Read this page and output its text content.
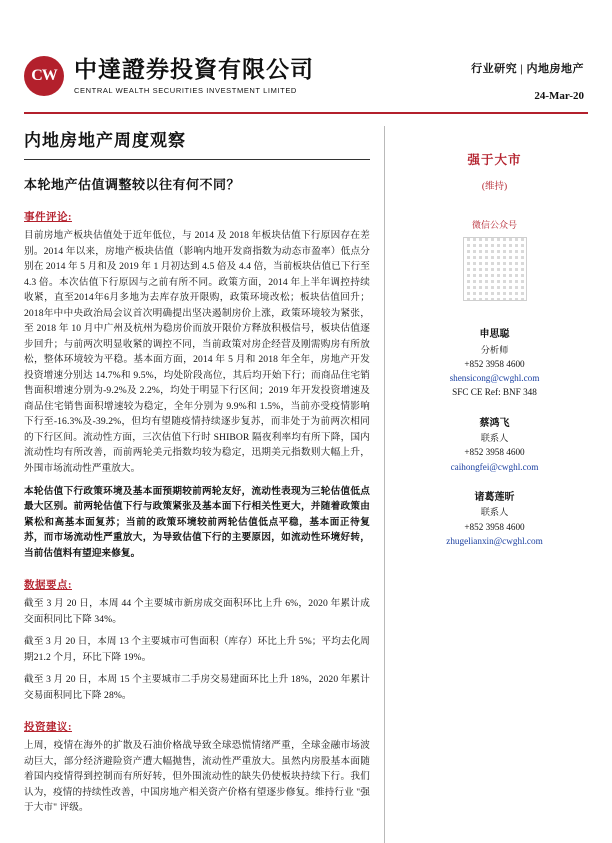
CW 中達證券投資有限公司
CENTRAL WEALTH SECURITIES INVESTMENT LIMITED
行业研究 | 内地房地产
24-Mar-20
内地房地产周度观察
本轮地产估值调整较以往有何不同？
事件评论:

目前房地产板块估值处于近年低位，与 2014 及 2018 年板块估值下行原因存在差别。2014 年以来，房地产板块估值（影响内地开发商指数为动态市盈率）低点分别在 2014 年 5 月和及 2019 年 1 月初达到 4.5 倍及 4.4 倍，当前板块估值已下行至 4.3 倍。本次估值下行原因与之前有所不同。政策方面，2014 年上半年调控持续收紧，直至2014年6月多地为去库存放开限购，政策环境改松；板块估值回升；2018年中中央政治局会议首次明确提出坚决遏制房价上涨，政策环境较为紧张，至 2018 年 10 月中广州及杭州为稳房价而放开限价方释放积极信号，板块估值逐步回升；与前两次明显收紧的调控不同，当前政策对房企经营及刚需购房有所放松，整体环境较为平稳。基本面方面，2014 年 5 月和 2018 年全年，房地产开发投资增速分别达 14.7%和 9.5%，均处阶段高位，其后均开始下行；而商品住宅销售面积增速分别为-9.2%及 2.2%，均处于明显下行区间；2019 年开发投资增速及商品住宅销售面积增速较为稳定，全年分别为 9.9%和 1.5%，当前亦受疫情影响下行至-16.3%及-39.2%，但均有望随疫情持续逐步复苏，而非处于为前两次相同的下行区间。流动性方面，三次估值下行时 SHIBOR 隔夜利率均有所下降，国内流动性均有所改善，而前两轮美元指数均较为稳定，迅期美元指数则大幅上升，外围市场流动性严重放大。

本轮估值下行政策环境及基本面预期较前两轮友好，流动性表现为三轮估值低点最大区别。前两轮估值下行与政策紧张及基本面下行相关性更大，并随着政策由紧松和高基本面复苏；当前的政策环境较前两轮估值低点平稳，基本面正待复苏，而市场流动性严重放大，为导致估值下行的主要原因，如流动性环境好转，当前估值料有望迎来修复。

数据要点:

截至 3 月 20 日，本周 44 个主要城市新房成交面积环比上升 6%，2020 年累计成交面积同比下降 34%。

截至 3 月 20 日，本周 13 个主要城市可售面积（库存）环比上升 5%；平均去化周期21.2 个月，环比下降 19%。

截至 3 月 20 日，本周 15 个主要城市二手房交易建面环比上升 18%，2020 年累计交易面积同比下降 28%。

投资建议:

上周，疫情在海外的扩散及石油价格战导致全球恐慌情绪严重，全球金融市场波动巨大，部分经济避险资产遭大幅抛售，流动性严重放大。虽然内房股基本面随着国内疫情得到控制而有所好转，但外围流动性的缺失仍使板块持续下行。我们认为，疫情的持续性改善，中国房地产相关资产价格有望逐步修复。维持行业 "强于大市" 评级。

强于大市
(维持)
微信公众号
申思聪
分析师
+852 3958 4600
shensicong@cwghl.com
SFC CE Ref: BNF 348
蔡鸿飞
联系人
+852 3958 4600
caihongfei@cwghl.com
诸葛莲昕
联系人
+852 3958 4600
zhugelianxin@cwghl.com
